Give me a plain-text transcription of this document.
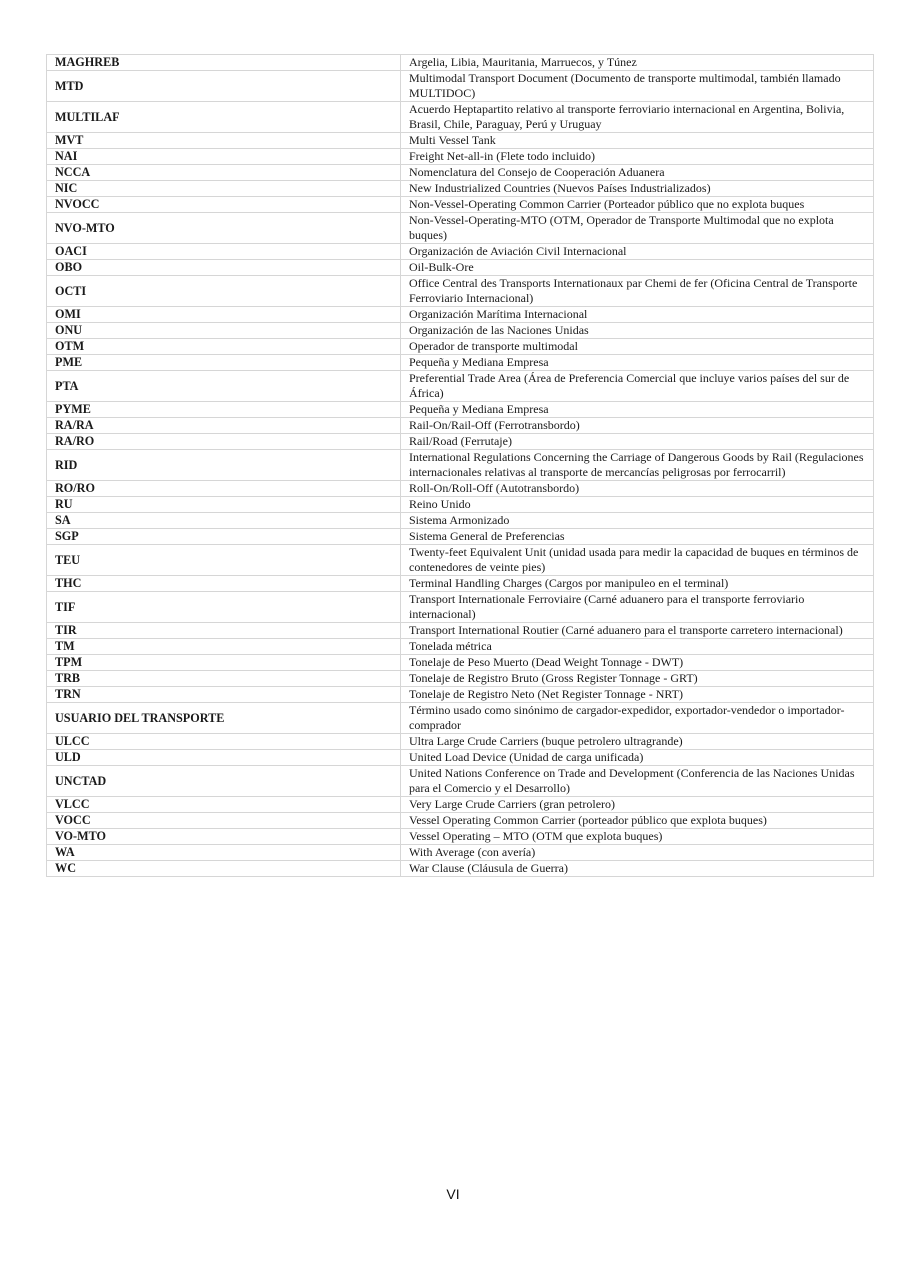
MAGHREB	Argelia, Libia, Mauritania, Marruecos, y Túnez
MTD	Multimodal Transport Document (Documento de transporte multimodal, también llamado MULTIDOC)
MULTILAF	Acuerdo Heptapartito relativo al transporte ferroviario internacional en Argentina, Bolivia, Brasil, Chile, Paraguay, Perú y Uruguay
MVT	Multi Vessel Tank
NAI	Freight Net-all-in (Flete todo incluido)
NCCA	Nomenclatura del Consejo de Cooperación Aduanera
NIC	New Industrialized Countries (Nuevos Países Industrializados)
NVOCC	Non-Vessel-Operating Common Carrier (Porteador público que no explota buques
NVO-MTO	Non-Vessel-Operating-MTO (OTM, Operador de Transporte Multimodal que no explota buques)
OACI	Organización de Aviación Civil Internacional
OBO	Oil-Bulk-Ore
OCTI	Office Central des Transports Internationaux par Chemi de fer (Oficina Central de Transporte Ferroviario Internacional)
OMI	Organización Marítima Internacional
ONU	Organización de las Naciones Unidas
OTM	Operador de transporte multimodal
PME	Pequeña y Mediana Empresa
PTA	Preferential Trade Area (Área de Preferencia Comercial que incluye varios países del sur de África)
PYME	Pequeña y Mediana Empresa
RA/RA	Rail-On/Rail-Off (Ferrotransbordo)
RA/RO	Rail/Road (Ferrutaje)
RID	International Regulations Concerning the Carriage of Dangerous Goods by Rail (Regulaciones internacionales relativas al transporte de mercancías peligrosas por ferrocarril)
RO/RO	Roll-On/Roll-Off (Autotransbordo)
RU	Reino Unido
SA	Sistema Armonizado
SGP	Sistema General de Preferencias
TEU	Twenty-feet Equivalent Unit (unidad usada para medir la capacidad de buques en términos de contenedores de veinte pies)
THC	Terminal Handling Charges (Cargos por manipuleo en el terminal)
TIF	Transport Internationale Ferroviaire (Carné aduanero para el transporte ferroviario internacional)
TIR	Transport International Routier (Carné aduanero para el transporte carretero internacional)
TM	Tonelada métrica
TPM	Tonelaje de Peso Muerto (Dead Weight Tonnage - DWT)
TRB	Tonelaje de Registro Bruto (Gross Register Tonnage - GRT)
TRN	Tonelaje de Registro Neto (Net Register Tonnage - NRT)
USUARIO DEL TRANSPORTE	Término usado como sinónimo de cargador-expedidor, exportador-vendedor o importador-comprador
ULCC	Ultra Large Crude Carriers (buque petrolero ultragrande)
ULD	United Load Device (Unidad de carga unificada)
UNCTAD	United Nations Conference on Trade and Development (Conferencia de las Naciones Unidas para el Comercio y el Desarrollo)
VLCC	Very Large Crude Carriers (gran petrolero)
VOCC	Vessel Operating Common Carrier (porteador público que explota buques)
VO-MTO	Vessel Operating – MTO (OTM que explota buques)
WA	With Average (con avería)
WC	War Clause (Cláusula de Guerra)
VI
